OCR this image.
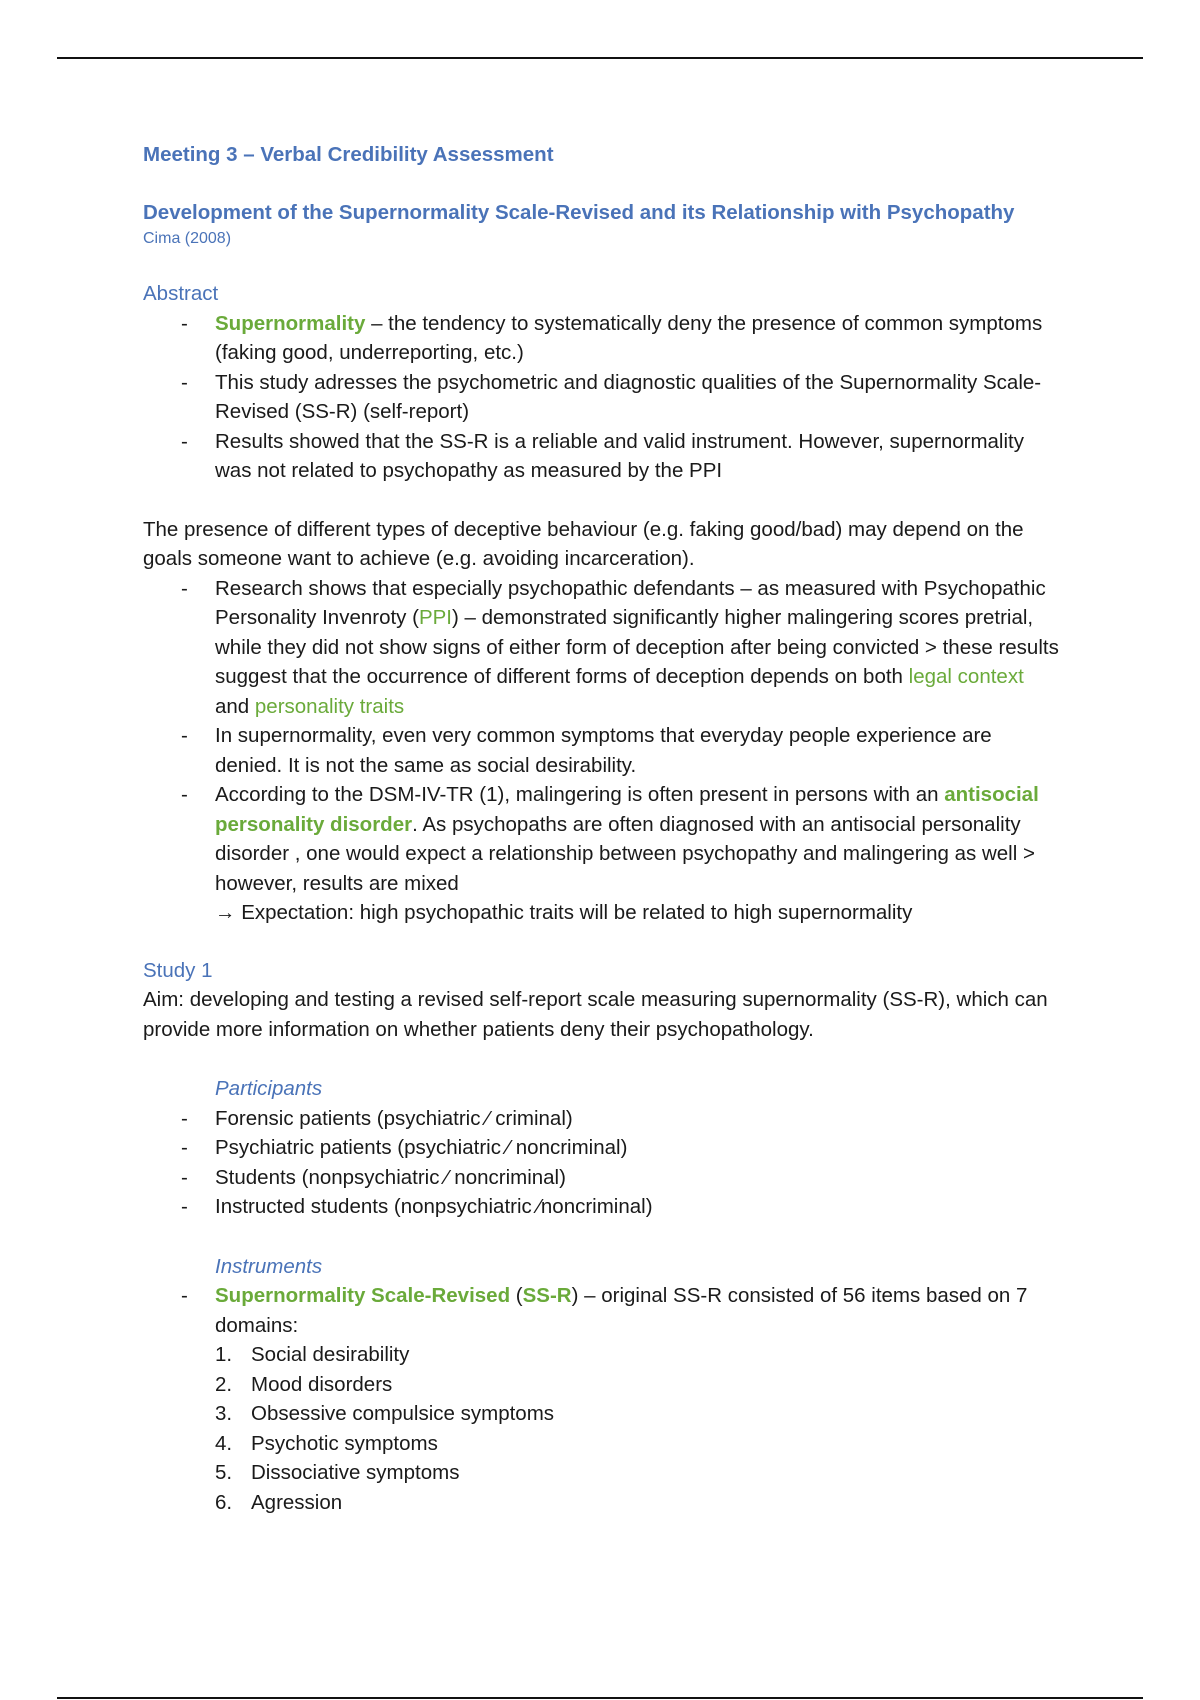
Meeting 3 – Verbal Credibility Assessment

Development of the Supernormality Scale-Revised and its Relationship with Psychopathy

Cima (2008)

Abstract

- Supernormality – the tendency to systematically deny the presence of common symptoms (faking good, underreporting, etc.)
- This study adresses the psychometric and diagnostic qualities of the Supernormality Scale-Revised (SS-R) (self-report)
- Results showed that the SS-R is a reliable and valid instrument. However, supernormality was not related to psychopathy as measured by the PPI

The presence of different types of deceptive behaviour (e.g. faking good/bad) may depend on the goals someone want to achieve (e.g. avoiding incarceration).

- Research shows that especially psychopathic defendants – as measured with Psychopathic Personality Invenroty (PPI) – demonstrated significantly higher malingering scores pretrial, while they did not show signs of either form of deception after being convicted > these results suggest that the occurrence of different forms of deception depends on both legal context and personality traits
- In supernormality, even very common symptoms that everyday people experience are denied. It is not the same as social desirability.
- According to the DSM-IV-TR (1), malingering is often present in persons with an antisocial personality disorder. As psychopaths are often diagnosed with an antisocial personality disorder , one would expect a relationship between psychopathy and malingering as well > however, results are mixed
→ Expectation: high psychopathic traits will be related to high supernormality

Study 1

Aim: developing and testing a revised self-report scale measuring supernormality (SS-R), which can provide more information on whether patients deny their psychopathology.

Participants

- Forensic patients (psychiatric ⁄ criminal)
- Psychiatric patients (psychiatric ⁄ noncriminal)
- Students (nonpsychiatric ⁄ noncriminal)
- Instructed students (nonpsychiatric ⁄noncriminal)

Instruments

- Supernormality Scale-Revised (SS-R) – original SS-R consisted of 56 items based on 7 domains:
1. Social desirability
2. Mood disorders
3. Obsessive compulsice symptoms
4. Psychotic symptoms
5. Dissociative symptoms
6. Agression
